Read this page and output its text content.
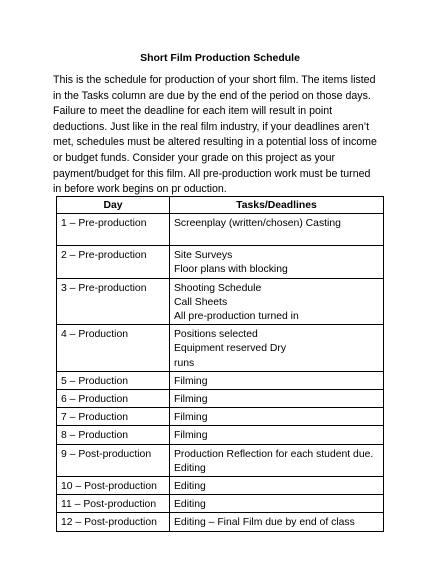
Short Film Production Schedule
This is the schedule for production of your short film. The items listed
in the Tasks column are due by the end of the period on those days.
Failure to meet the deadline for each item will result in point
deductions. Just like in the real film industry, if your deadlines aren’t
met, schedules must be altered resulting in a potential loss of income
or budget funds. Consider your grade on this project as your
payment/budget for this film. All pre-production work must be turned
in before work begins on pr oduction.
Day	Tasks/Deadlines
1 – Pre-production	Screenplay (written/chosen) Casting

2 – Pre-production	Site Surveys
Floor plans with blocking

3 – Pre-production	Shooting Schedule
Call Sheets
All pre-production turned in

4 – Production	Positions selected
Equipment reserved Dry
runs

5 – Production	Filming

6 – Production	Filming

7 – Production	Filming

8 – Production	Filming

9 – Post-production	Production Reflection for each student due.
Editing

10 – Post-production	Editing

11 – Post-production	Editing

12 – Post-production	Editing – Final Film due by end of class
